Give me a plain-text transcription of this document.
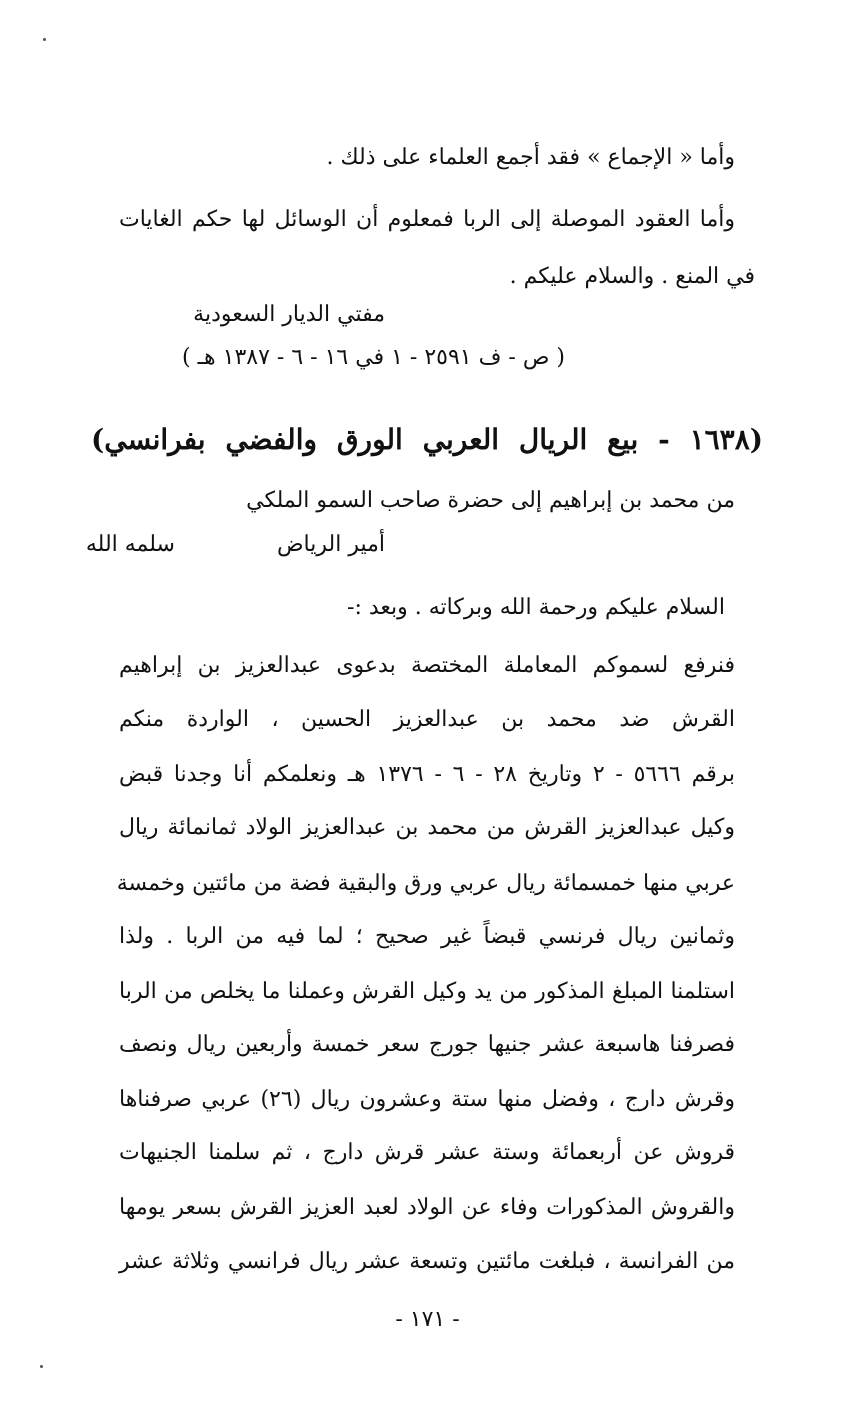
وأما « الإجماع » فقد أجمع العلماء على ذلك .
وأما العقود الموصلة إلى الربا فمعلوم أن الوسائل لها حكم الغايات
في المنع . والسلام عليكم .
مفتي الديار السعودية
( ص - ف ٢٥٩١ - ١ في ١٦ - ٦ - ١٣٨٧ هـ )
(١٦٣٨ - بيع الريال العربي الورق والفضي بفرانسي)
من محمد بن إبراهيم إلى حضرة صاحب السمو الملكي
أمير الرياض
سلمه الله
السلام عليكم ورحمة الله وبركاته . وبعد :-
فنرفع لسموكم المعاملة المختصة بدعوى عبدالعزيز بن إبراهيم
القرش ضد محمد بن عبدالعزيز الحسين ، الواردة منكم
برقم ٥٦٦٦ - ٢ وتاريخ ٢٨ - ٦ - ١٣٧٦ هـ ونعلمكم أنا وجدنا قبض
وكيل عبدالعزيز القرش من محمد بن عبدالعزيز الولاد ثمانمائة ريال
عربي منها خمسمائة ريال عربي ورق والبقية فضة من مائتين وخمسة
وثمانين ريال فرنسي قبضاً غير صحيح ؛ لما فيه من الربا . ولذا
استلمنا المبلغ المذكور من يد وكيل القرش وعملنا ما يخلص من الربا
فصرفنا هاسبعة عشر جنيها جورج سعر خمسة وأربعين ريال ونصف
وقرش دارج ، وفضل منها ستة وعشرون ريال (٢٦) عربي صرفناها
قروش عن أربعمائة وستة عشر قرش دارج ، ثم سلمنا الجنيهات
والقروش المذكورات وفاء عن الولاد لعبد العزيز القرش بسعر يومها
من الفرانسة ، فبلغت مائتين وتسعة عشر ريال فرانسي وثلاثة عشر
- ١٧١ -
